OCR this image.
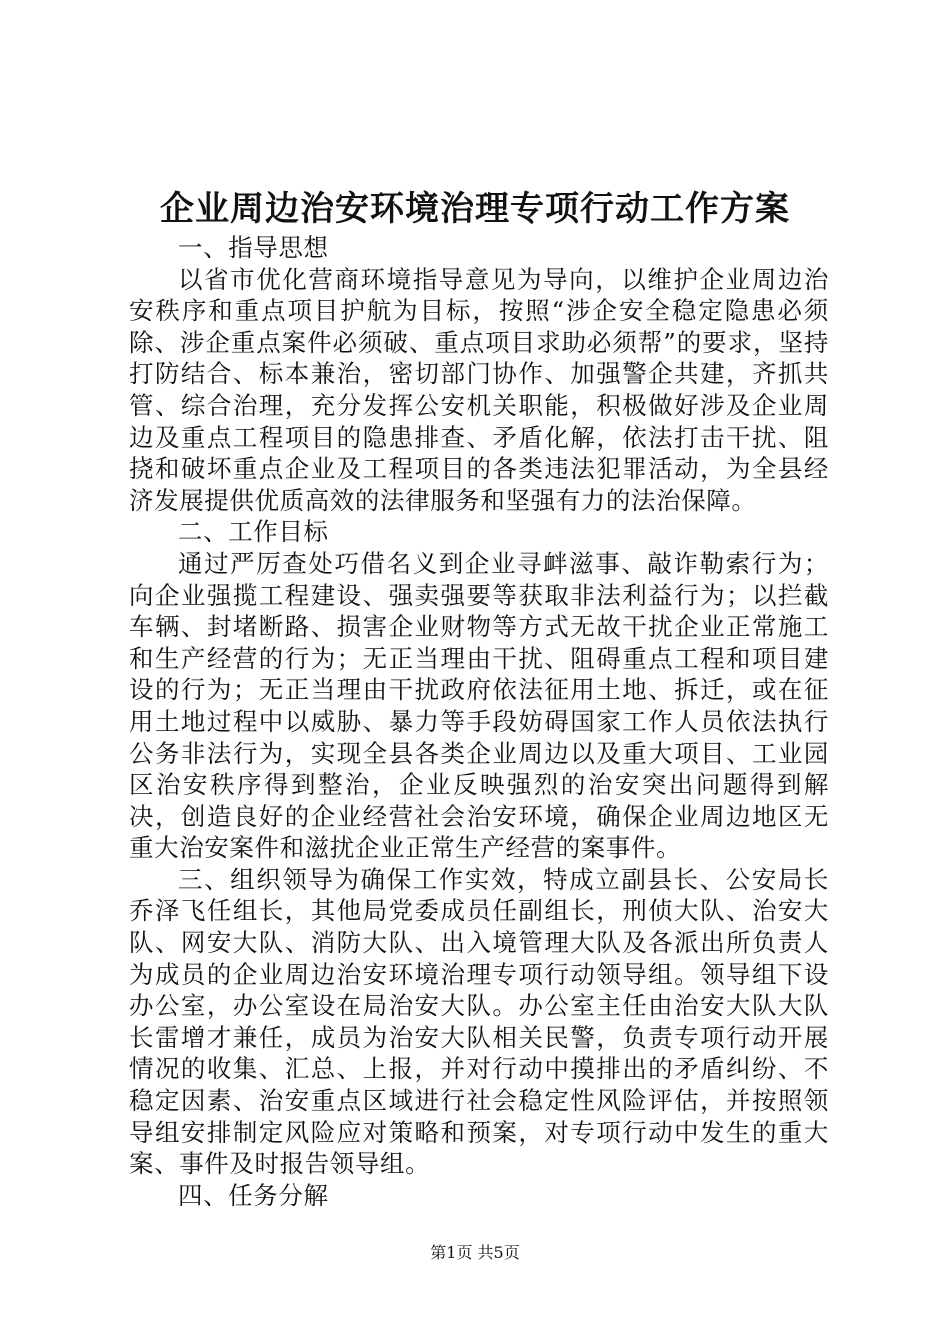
企业周边治安环境治理专项行动工作方案

一、指导思想

以省市优化营商环境指导意见为导向，以维护企业周边治安秩序和重点项目护航为目标，按照“涉企安全稳定隐患必须除、涉企重点案件必须破、重点项目求助必须帮”的要求，坚持打防结合、标本兼治，密切部门协作、加强警企共建，齐抓共管、综合治理，充分发挥公安机关职能，积极做好涉及企业周边及重点工程项目的隐患排查、矛盾化解，依法打击干扰、阻挠和破坏重点企业及工程项目的各类违法犯罪活动，为全县经济发展提供优质高效的法律服务和坚强有力的法治保障。

二、工作目标

通过严厉查处巧借名义到企业寻衅滋事、敲诈勒索行为；向企业强揽工程建设、强卖强要等获取非法利益行为；以拦截车辆、封堵断路、损害企业财物等方式无故干扰企业正常施工和生产经营的行为；无正当理由干扰、阻碍重点工程和项目建设的行为；无正当理由干扰政府依法征用土地、拆迁，或在征用土地过程中以威胁、暴力等手段妨碍国家工作人员依法执行公务非法行为，实现全县各类企业周边以及重大项目、工业园区治安秩序得到整治，企业反映强烈的治安突出问题得到解决，创造良好的企业经营社会治安环境，确保企业周边地区无重大治安案件和滋扰企业正常生产经营的案事件。

三、组织领导为确保工作实效，特成立副县长、公安局长乔泽飞任组长，其他局党委成员任副组长，刑侦大队、治安大队、网安大队、消防大队、出入境管理大队及各派出所负责人为成员的企业周边治安环境治理专项行动领导组。领导组下设办公室，办公室设在局治安大队。办公室主任由治安大队大队长雷增才兼任，成员为治安大队相关民警，负责专项行动开展情况的收集、汇总、上报，并对行动中摸排出的矛盾纠纷、不稳定因素、治安重点区域进行社会稳定性风险评估，并按照领导组安排制定风险应对策略和预案，对专项行动中发生的重大案、事件及时报告领导组。

四、任务分解

第1页 共5页
